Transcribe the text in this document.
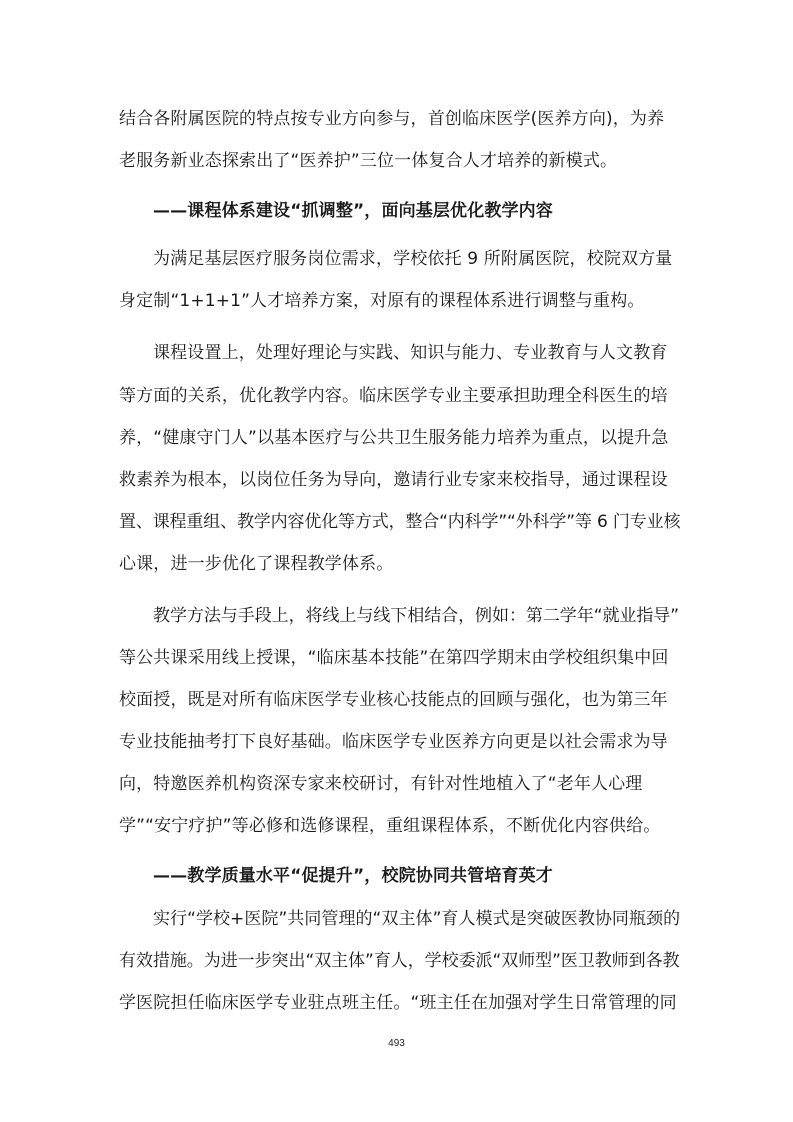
结合各附属医院的特点按专业方向参与，首创临床医学(医养方向)，为养
老服务新业态探索出了“医养护”三位一体复合人才培养的新模式。
——课程体系建设“抓调整”，面向基层优化教学内容
为满足基层医疗服务岗位需求，学校依托 9 所附属医院，校院双方量
身定制“1+1+1”人才培养方案，对原有的课程体系进行调整与重构。
课程设置上，处理好理论与实践、知识与能力、专业教育与人文教育
等方面的关系，优化教学内容。临床医学专业主要承担助理全科医生的培
养，“健康守门人”以基本医疗与公共卫生服务能力培养为重点，以提升急
救素养为根本，以岗位任务为导向，邀请行业专家来校指导，通过课程设
置、课程重组、教学内容优化等方式，整合“内科学”“外科学”等 6 门专业核
心课，进一步优化了课程教学体系。
教学方法与手段上，将线上与线下相结合，例如：第二学年“就业指导”
等公共课采用线上授课，“临床基本技能”在第四学期末由学校组织集中回
校面授，既是对所有临床医学专业核心技能点的回顾与强化，也为第三年
专业技能抽考打下良好基础。临床医学专业医养方向更是以社会需求为导
向，特邀医养机构资深专家来校研讨，有针对性地植入了“老年人心理
学”“安宁疗护”等必修和选修课程，重组课程体系，不断优化内容供给。
——教学质量水平“促提升”，校院协同共管培育英才
实行“学校+医院”共同管理的“双主体”育人模式是突破医教协同瓶颈的
有效措施。为进一步突出“双主体”育人，学校委派“双师型”医卫教师到各教
学医院担任临床医学专业驻点班主任。“班主任在加强对学生日常管理的同
493
